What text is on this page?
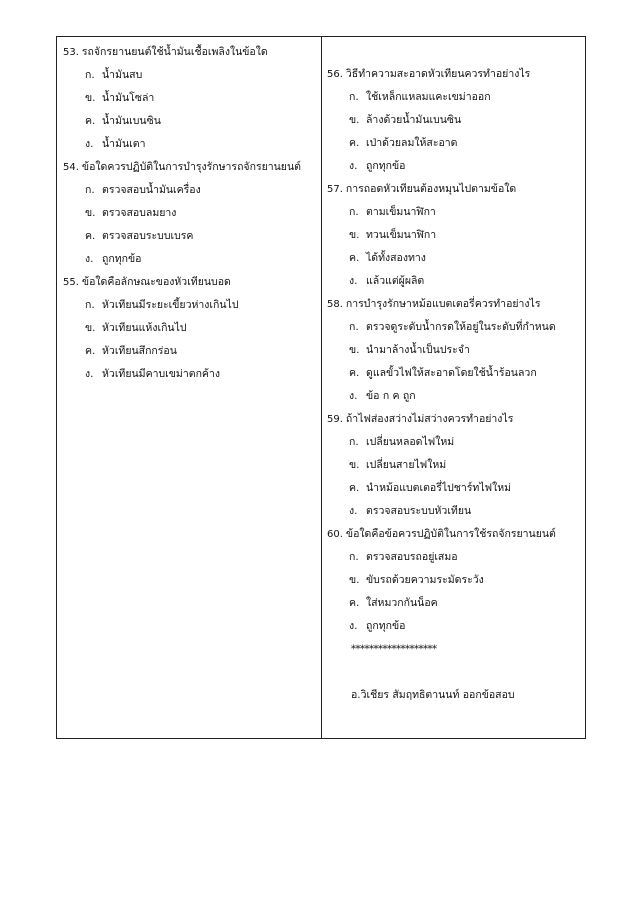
53. รถจักรยานยนต์ใช้น้ำมันเชื้อเพลิงในข้อใด
ก. น้ำมันสบ
ข. น้ำมันโซล่า
ค. น้ำมันเบนซิน
ง. น้ำมันเตา
54. ข้อใดควรปฏิบัติในการบำรุงรักษารถจักรยานยนต์
ก. ตรวจสอบน้ำมันเครื่อง
ข. ตรวจสอบลมยาง
ค. ตรวจสอบระบบเบรค
ง. ถูกทุกข้อ
55. ข้อใดคือลักษณะของหัวเทียนบอด
ก. หัวเทียนมีระยะเขี้ยวห่างเกินไป
ข. หัวเทียนแห้งเกินไป
ค. หัวเทียนสึกกร่อน
ง. หัวเทียนมีคาบเขม่าตกค้าง
56. วิธีทำความสะอาดหัวเทียนควรทำอย่างไร
ก. ใช้เหล็กแหลมแคะเขม่าออก
ข. ล้างด้วยน้ำมันเบนซิน
ค. เป่าด้วยลมให้สะอาด
ง. ถูกทุกข้อ
57. การถอดหัวเทียนต้องหมุนไปตามข้อใด
ก. ตามเข็มนาฬิกา
ข. ทวนเข็มนาฬิกา
ค. ได้ทั้งสองทาง
ง. แล้วแต่ผู้ผลิต
58. การบำรุงรักษาหม้อแบตเตอรี่ควรทำอย่างไร
ก. ตรวจดูระดับน้ำกรดให้อยู่ในระดับที่กำหนด
ข. นำมาล้างน้ำเป็นประจำ
ค. ดูแลขั้วไฟให้สะอาดโดยใช้น้ำร้อนลวก
ง. ข้อ ก ค ถูก
59. ถ้าไฟส่องสว่างไม่สว่างควรทำอย่างไร
ก. เปลี่ยนหลอดไฟใหม่
ข. เปลี่ยนสายไฟใหม่
ค. นำหม้อแบตเตอรี่ไปชาร์ทไฟใหม่
ง. ตรวจสอบระบบหัวเทียน
60. ข้อใดคือข้อควรปฏิบัติในการใช้รถจักรยานยนต์
ก. ตรวจสอบรถอยู่เสมอ
ข. ขับรถด้วยความระมัดระวัง
ค. ใส่หมวกกันน็อค
ง. ถูกทุกข้อ
*******************
อ.วิเชียร สัมฤทธิตานนท์ ออกข้อสอบ
